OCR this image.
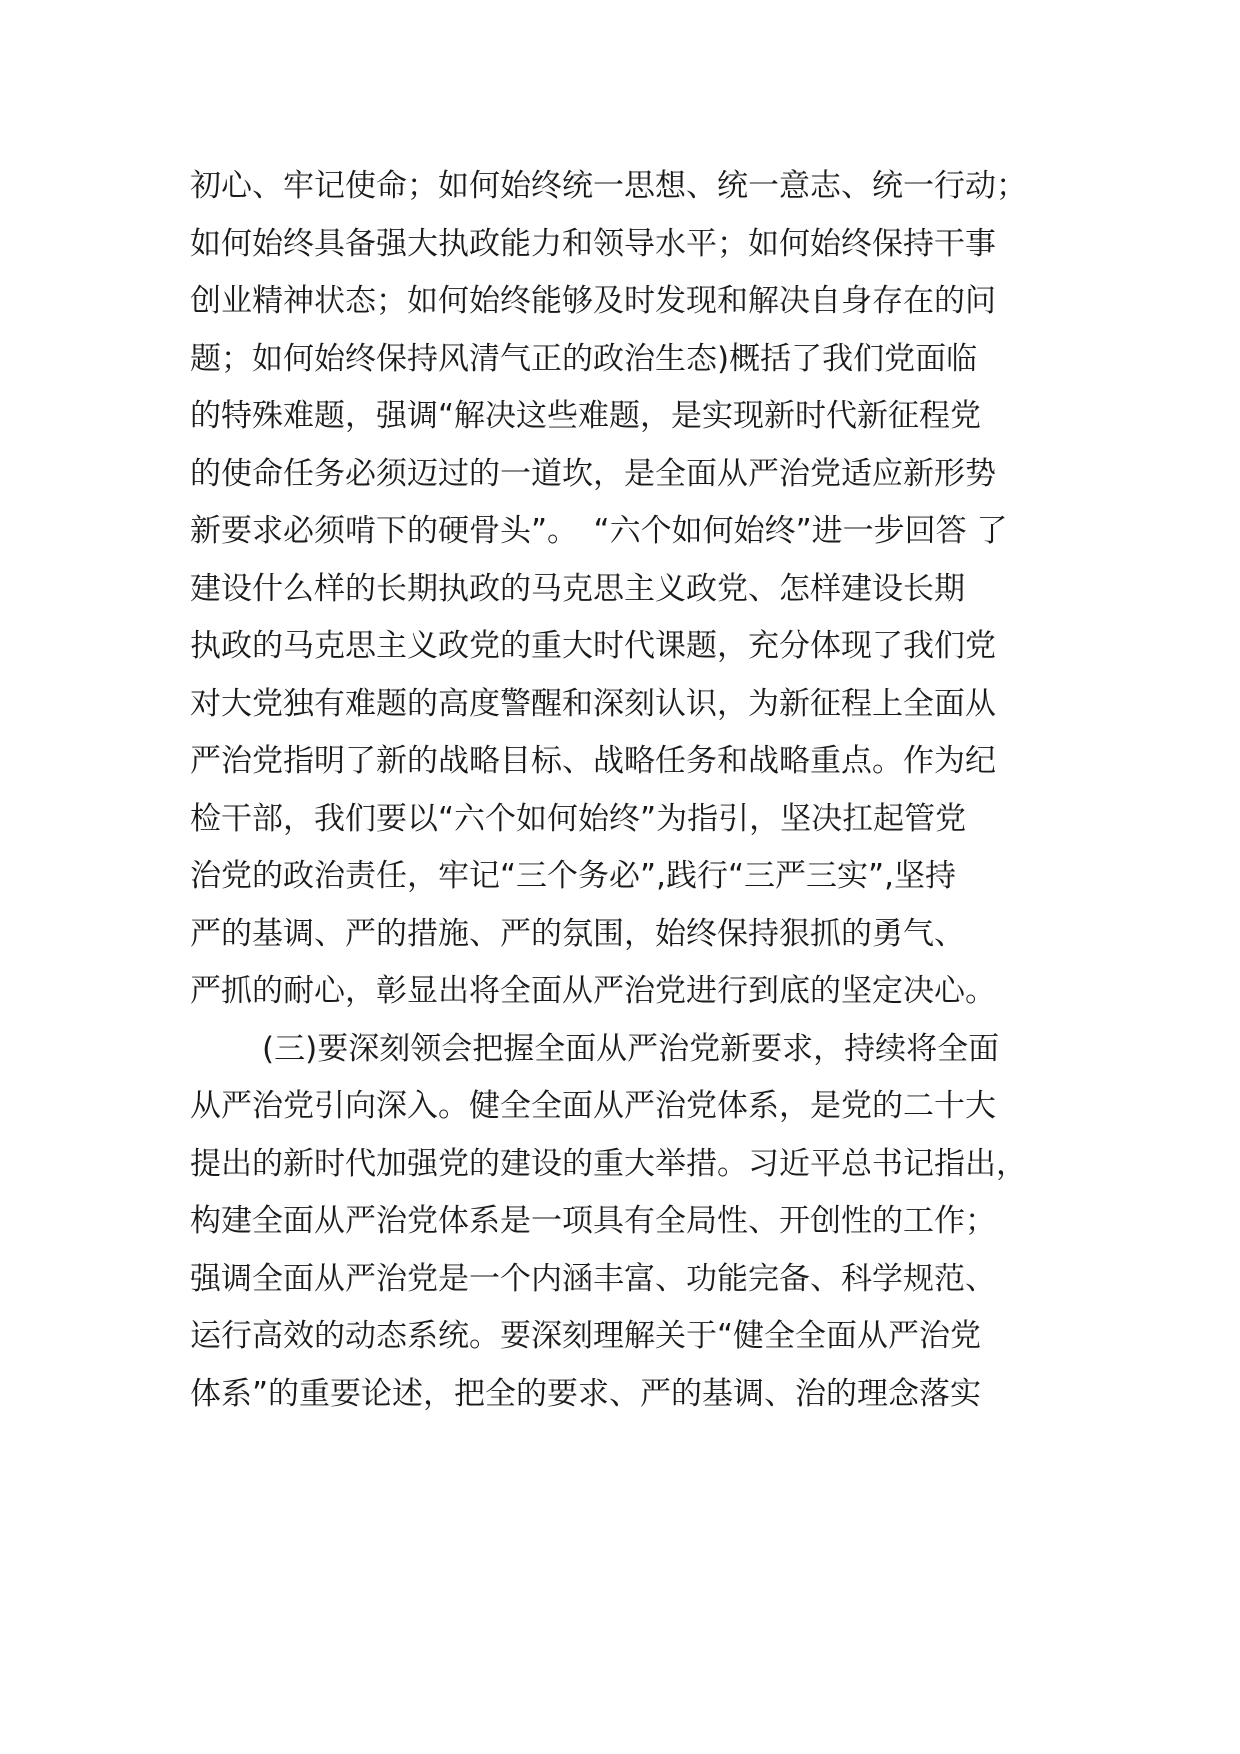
初心、牢记使命；如何始终统一思想、统一意志、统一行动；
如何始终具备强大执政能力和领导水平；如何始终保持干事
创业精神状态；如何始终能够及时发现和解决自身存在的问
题；如何始终保持风清气正的政治生态)概括了我们党面临
的特殊难题，强调“解决这些难题，是实现新时代新征程党
的使命任务必须迈过的一道坎，是全面从严治党适应新形势
新要求必须啃下的硬骨头”。　“六个如何始终”进一步回答 了
建设什么样的长期执政的马克思主义政党、怎样建设长期
执政的马克思主义政党的重大时代课题，充分体现了我们党
对大党独有难题的高度警醒和深刻认识，为新征程上全面从
严治党指明了新的战略目标、战略任务和战略重点。作为纪
检干部，我们要以“六个如何始终”为指引，坚决扛起管党
治党的政治责任，牢记“三个务必”,践行“三严三实”,坚持
严的基调、严的措施、严的氛围，始终保持狠抓的勇气、
严抓的耐心，彰显出将全面从严治党进行到底的坚定决心。
(三)要深刻领会把握全面从严治党新要求，持续将全面
从严治党引向深入。健全全面从严治党体系，是党的二十大
提出的新时代加强党的建设的重大举措。习近平总书记指出，
构建全面从严治党体系是一项具有全局性、开创性的工作；
强调全面从严治党是一个内涵丰富、功能完备、科学规范、
运行高效的动态系统。要深刻理解关于“健全全面从严治党
体系”的重要论述，把全的要求、严的基调、治的理念落实
